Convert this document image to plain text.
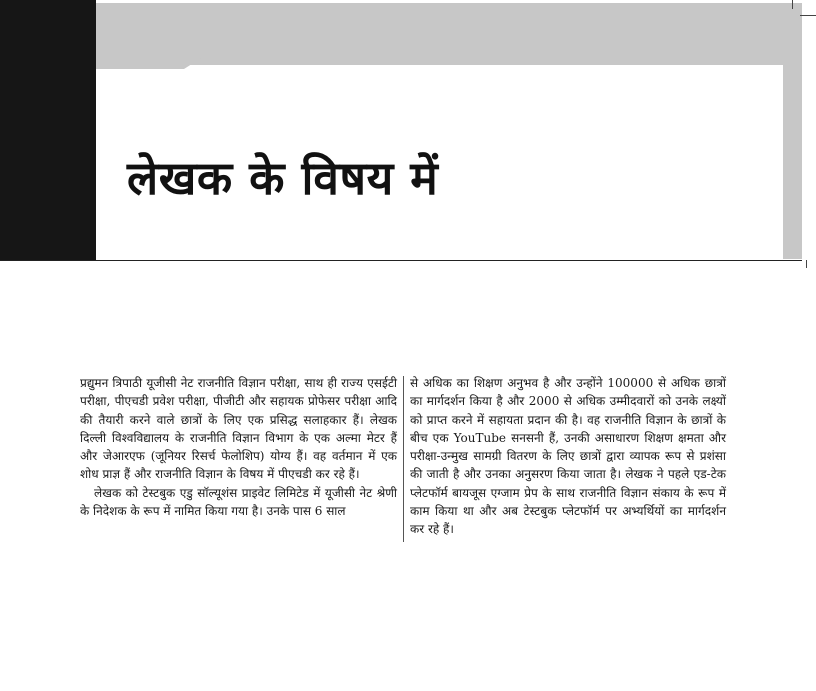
लेखक के विषय में

प्रद्युमन त्रिपाठी यूजीसी नेट राजनीति विज्ञान परीक्षा, साथ ही राज्य एसईटी परीक्षा, पीएचडी प्रवेश परीक्षा, पीजीटी और सहायक प्रोफेसर परीक्षा आदि की तैयारी करने वाले छात्रों के लिए एक प्रसिद्ध सलाहकार हैं। लेखक दिल्ली विश्वविद्यालय के राजनीति विज्ञान विभाग के एक अल्मा मेटर हैं और जेआरएफ (जूनियर रिसर्च फेलोशिप) योग्य हैं। वह वर्तमान में एक शोध प्राज्ञ हैं और राजनीति विज्ञान के विषय में पीएचडी कर रहे हैं।

लेखक को टेस्टबुक एडु सॉल्यूशंस प्राइवेट लिमिटेड में यूजीसी नेट श्रेणी के निदेशक के रूप में नामित किया गया है। उनके पास 6 साल

से अधिक का शिक्षण अनुभव है और उन्होंने 100000 से अधिक छात्रों का मार्गदर्शन किया है और 2000 से अधिक उम्मीदवारों को उनके लक्ष्यों को प्राप्त करने में सहायता प्रदान की है। वह राजनीति विज्ञान के छात्रों के बीच एक YouTube सनसनी हैं, उनकी असाधारण शिक्षण क्षमता और परीक्षा-उन्मुख सामग्री वितरण के लिए छात्रों द्वारा व्यापक रूप से प्रशंसा की जाती है और उनका अनुसरण किया जाता है। लेखक ने पहले एड-टेक प्लेटफॉर्म बायजूस एग्जाम प्रेप के साथ राजनीति विज्ञान संकाय के रूप में काम किया था और अब टेस्टबुक प्लेटफॉर्म पर अभ्यर्थियों का मार्गदर्शन कर रहे हैं।
